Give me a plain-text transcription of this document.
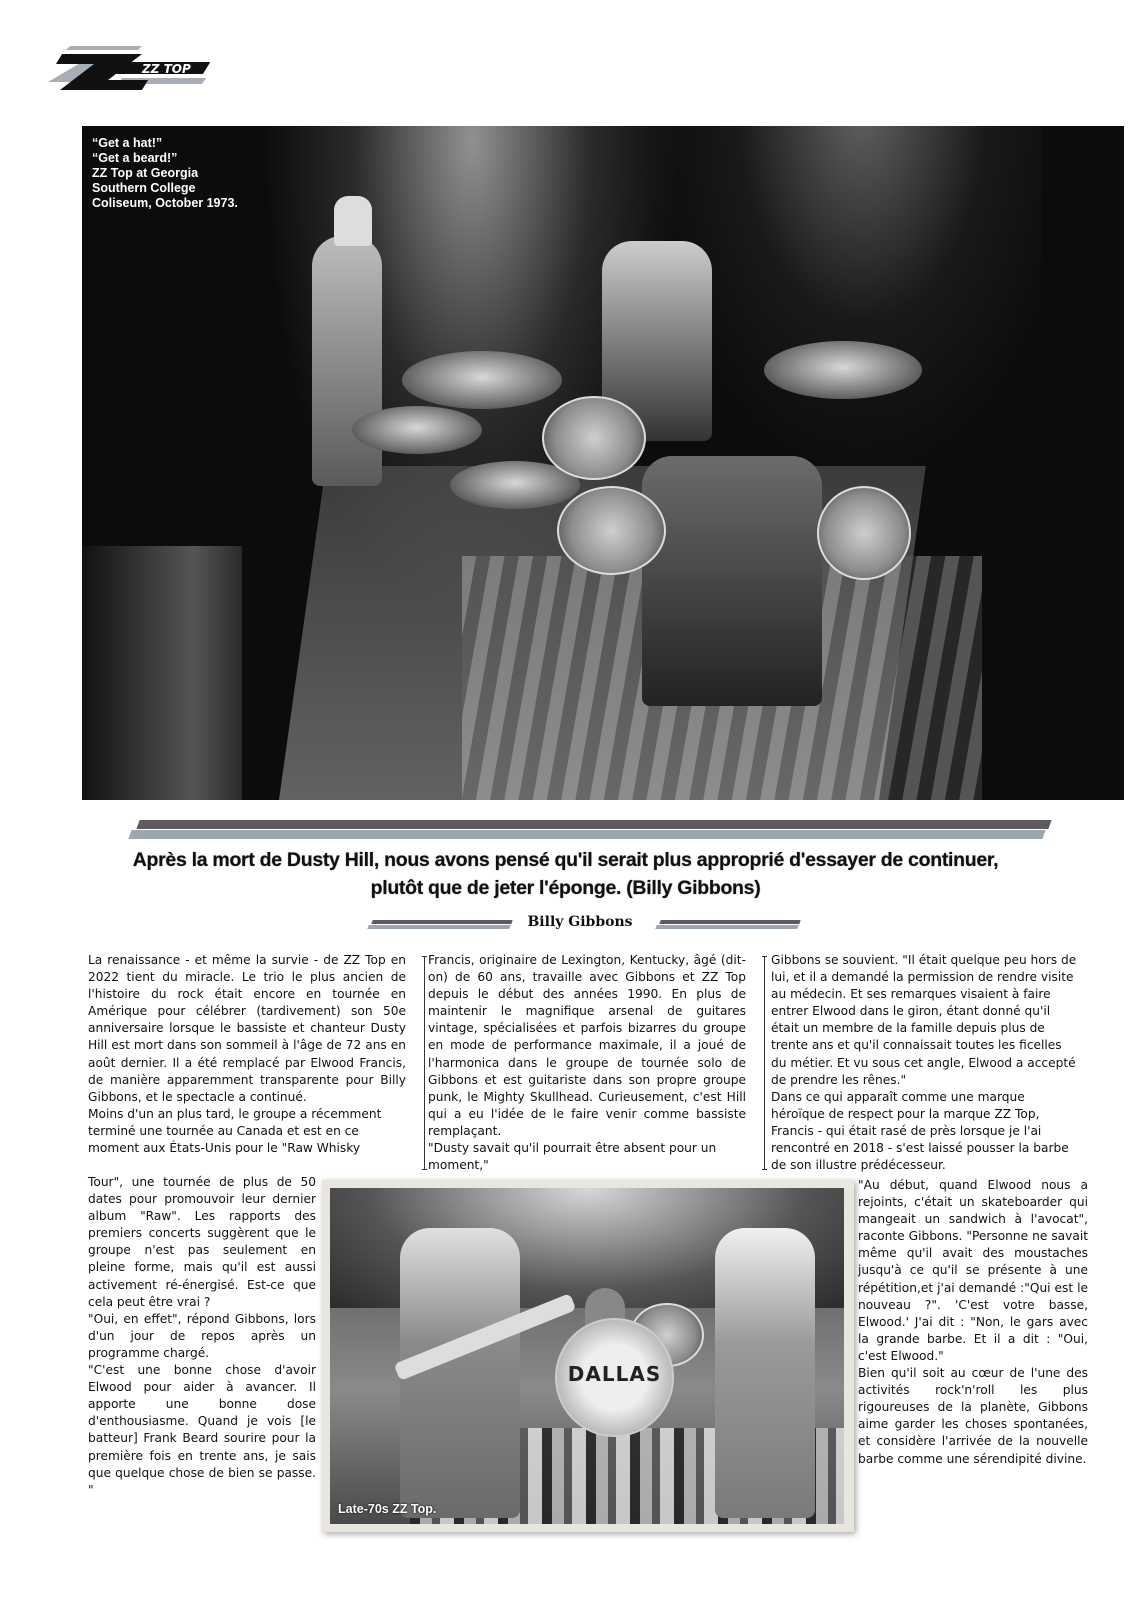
ZZ TOP
“Get a hat!”
“Get a beard!”
ZZ Top at Georgia
Southern College
Coliseum, October 1973.
Après la mort de Dusty Hill, nous avons pensé qu'il serait plus approprié d'essayer de continuer,
plutôt que de jeter l'éponge. (Billy Gibbons)
Billy Gibbons

La renaissance - et même la survie - de ZZ Top en 2022 tient du miracle. Le trio le plus ancien de l'histoire du rock était encore en tournée en Amérique pour célébrer (tardivement) son 50e anniversaire lorsque le bassiste et chanteur Dusty Hill est mort dans son sommeil à l'âge de 72 ans en août dernier. Il a été remplacé par Elwood Francis, de manière apparemment transparente pour Billy Gibbons, et le spectacle a continué.

Moins d'un an plus tard, le groupe a récemment terminé une tournée au Canada et est en ce moment aux États-Unis pour le "Raw Whisky

Tour", une tournée de plus de 50 dates pour promouvoir leur dernier album "Raw". Les rapports des premiers concerts suggèrent que le groupe n'est pas seulement en pleine forme, mais qu'il est aussi activement ré-énergisé. Est-ce que cela peut être vrai ?

"Oui, en effet", répond Gibbons, lors d'un jour de repos après un programme chargé.

"C'est une bonne chose d'avoir Elwood pour aider à avancer. Il apporte une bonne dose d'enthousiasme. Quand je vois [le batteur] Frank Beard sourire pour la première fois en trente ans, je sais que quelque chose de bien se passe. "

Francis, originaire de Lexington, Kentucky, âgé (dit-on) de 60 ans, travaille avec Gibbons et ZZ Top depuis le début des années 1990. En plus de maintenir le magnifique arsenal de guitares vintage, spécialisées et parfois bizarres du groupe en mode de performance maximale, il a joué de l'harmonica dans le groupe de tournée solo de Gibbons et est guitariste dans son propre groupe punk, le Mighty Skullhead. Curieusement, c'est Hill qui a eu l'idée de le faire venir comme bassiste remplaçant.

"Dusty savait qu'il pourrait être absent pour un moment,"

Gibbons se souvient. "Il était quelque peu hors de lui, et il a demandé la permission de rendre visite au médecin. Et ses remarques visaient à faire entrer Elwood dans le giron, étant donné qu'il était un membre de la famille depuis plus de trente ans et qu'il connaissait toutes les ficelles du métier. Et vu sous cet angle, Elwood a accepté de prendre les rênes."

Dans ce qui apparaît comme une marque héroïque de respect pour la marque ZZ Top, Francis - qui était rasé de près lorsque je l'ai rencontré en 2018 - s'est laissé pousser la barbe de son illustre prédécesseur.

"Au début, quand Elwood nous a rejoints, c'était un skateboarder qui mangeait un sandwich à l'avocat", raconte Gibbons. "Personne ne savait même qu'il avait des moustaches jusqu'à ce qu'il se présente à une répétition,et j'ai demandé :"Qui est le nouveau ?". 'C'est votre basse, Elwood.' J'ai dit : "Non, le gars avec la grande barbe. Et il a dit : "Oui, c'est Elwood."

Bien qu'il soit au cœur de l'une des activités rock'n'roll les plus rigoureuses de la planète, Gibbons aime garder les choses spontanées, et considère l'arrivée de la nouvelle barbe comme une sérendipité divine.

DALLAS
Late-70s ZZ Top.
